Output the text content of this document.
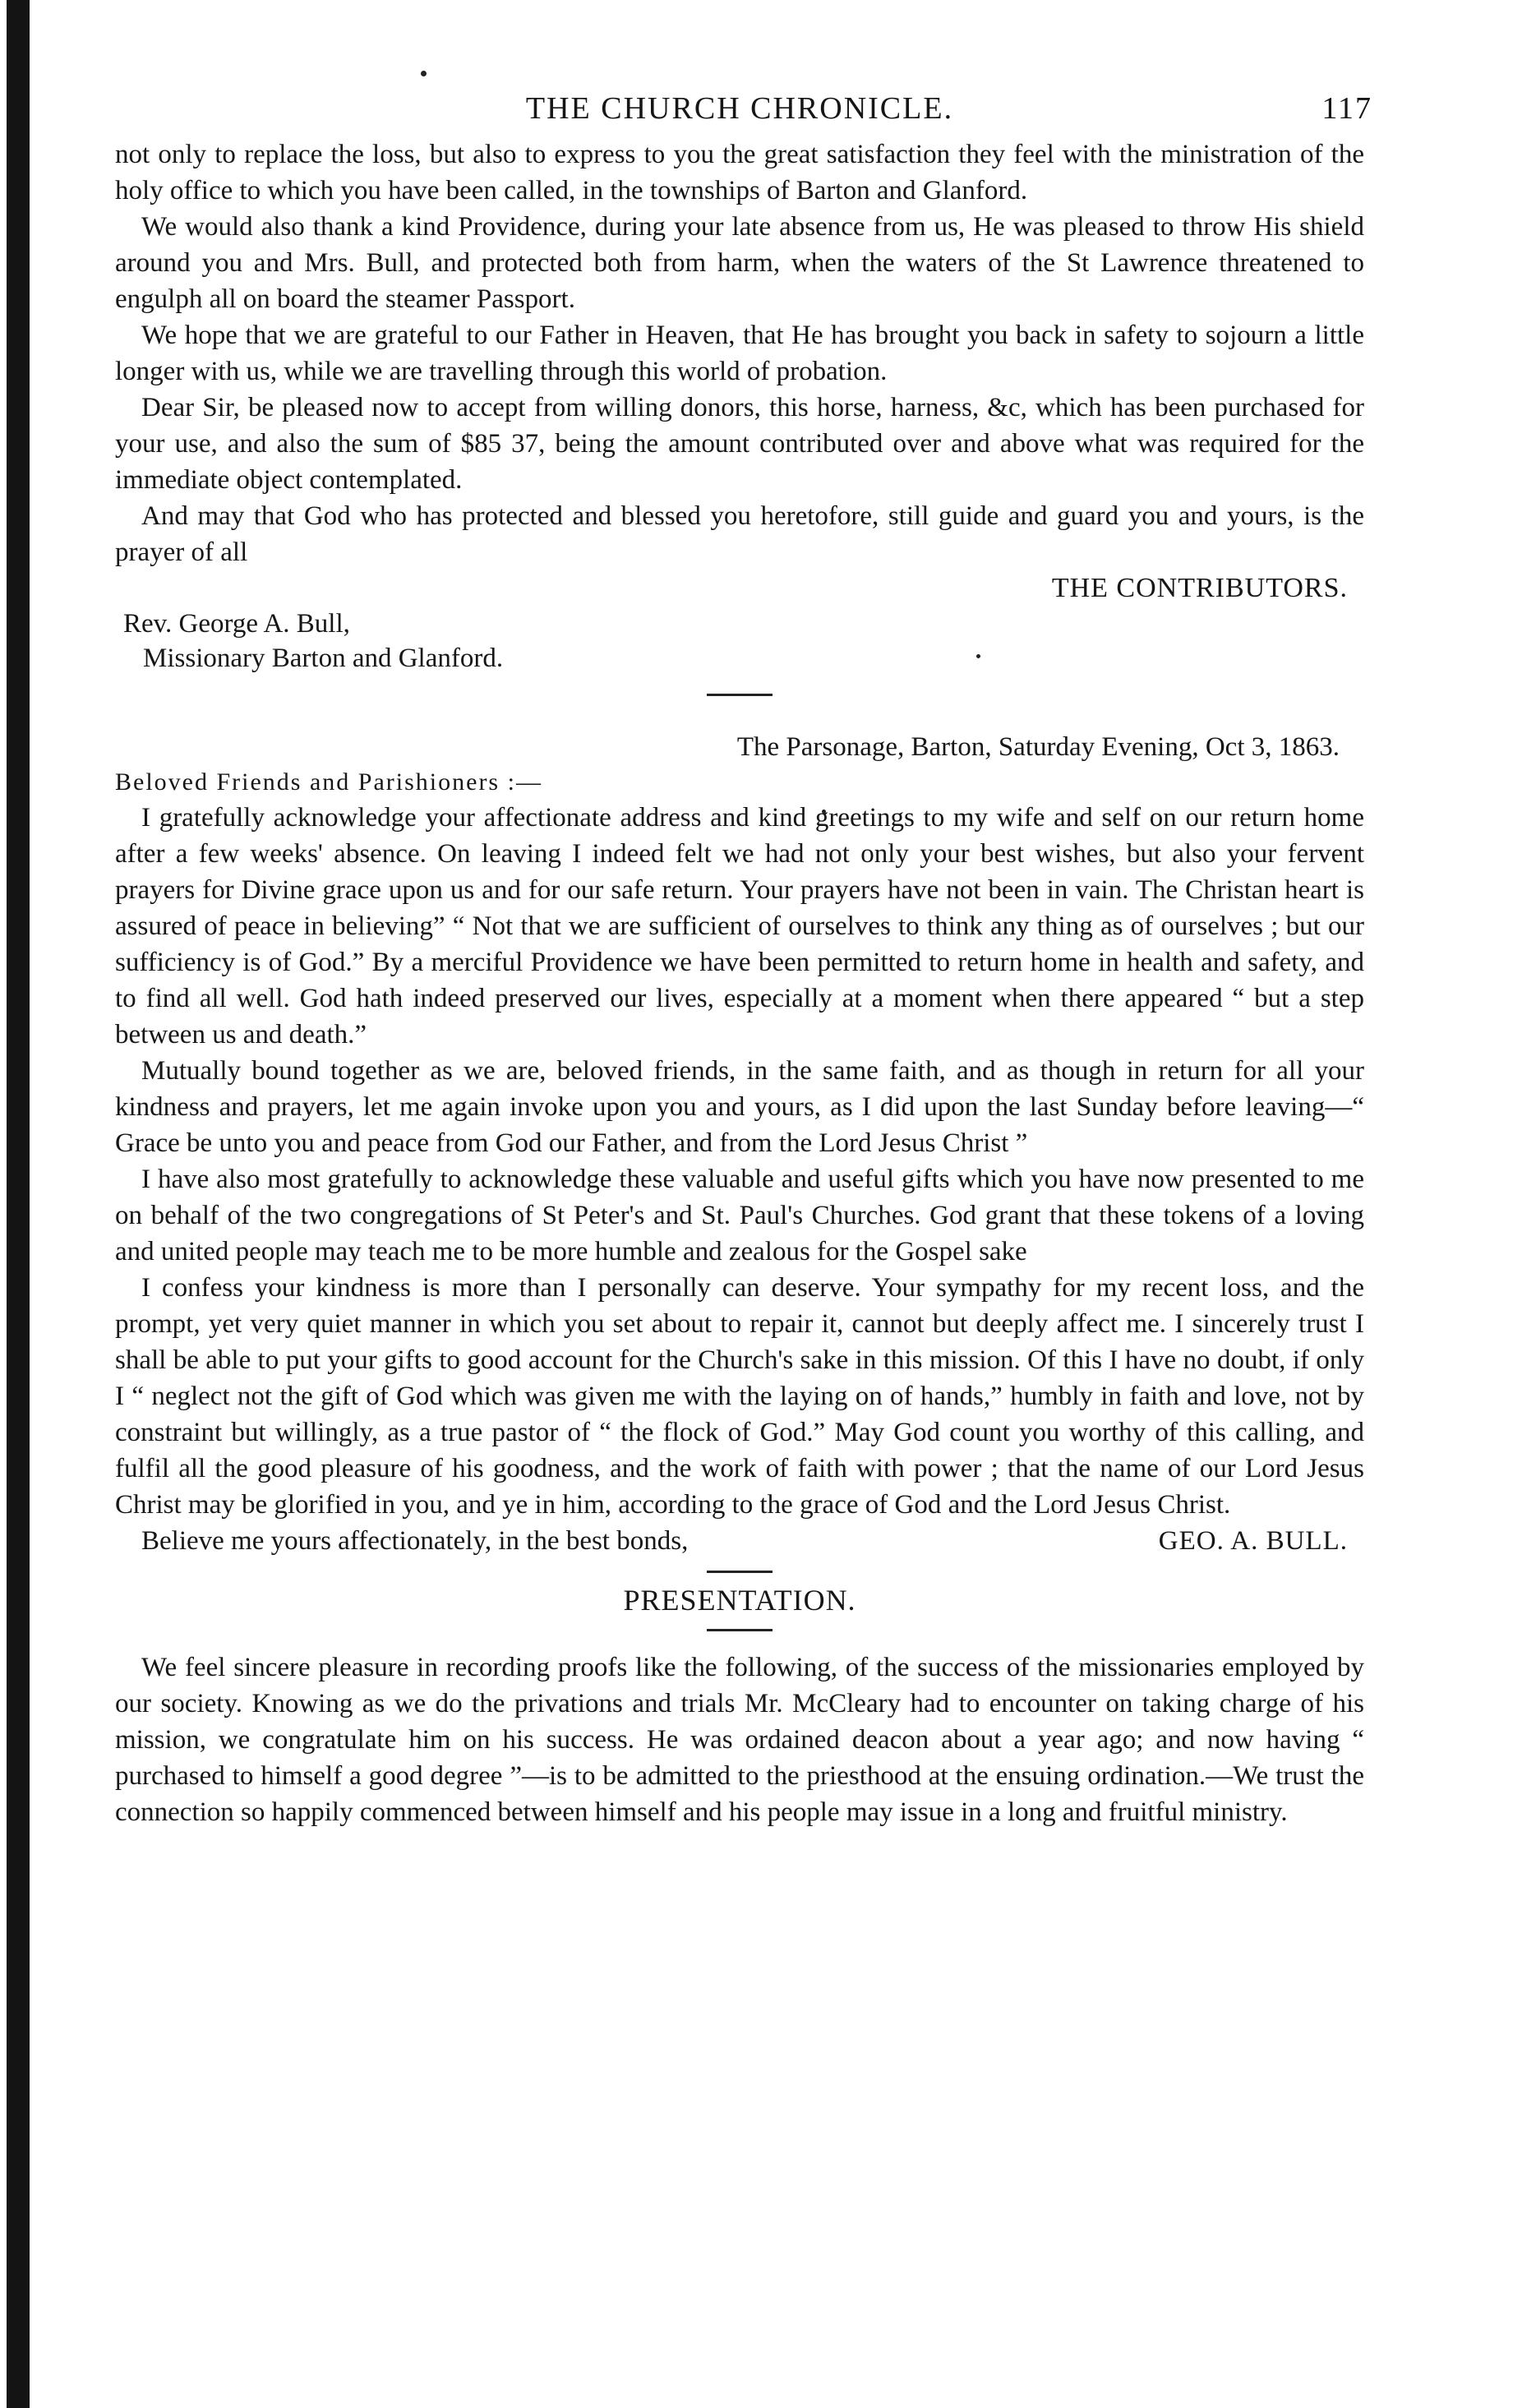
THE CHURCH CHRONICLE.	117

not only to replace the loss, but also to express to you the great satisfaction they feel with the ministration of the holy office to which you have been called, in the townships of Barton and Glanford.

We would also thank a kind Providence, during your late absence from us, He was pleased to throw His shield around you and Mrs. Bull, and protected both from harm, when the waters of the St Lawrence threatened to engulph all on board the steamer Passport.

We hope that we are grateful to our Father in Heaven, that He has brought you back in safety to sojourn a little longer with us, while we are travelling through this world of probation.

Dear Sir, be pleased now to accept from willing donors, this horse, harness, &c, which has been purchased for your use, and also the sum of $85 37, being the amount contributed over and above what was required for the immediate object contemplated.

And may that God who has protected and blessed you heretofore, still guide and guard you and yours, is the prayer of all

THE CONTRIBUTORS.
Rev. George A. Bull,
Missionary Barton and Glanford.
The Parsonage, Barton, Saturday Evening, Oct 3, 1863.
Beloved Friends and Parishioners :—

I gratefully acknowledge your affectionate address and kind greetings to my wife and self on our return home after a few weeks' absence. On leaving I indeed felt we had not only your best wishes, but also your fervent prayers for Divine grace upon us and for our safe return. Your prayers have not been in vain. The Christan heart is assured of peace in believing” “ Not that we are sufficient of ourselves to think any thing as of ourselves ; but our sufficiency is of God.” By a merciful Providence we have been permitted to return home in health and safety, and to find all well. God hath indeed preserved our lives, especially at a moment when there appeared “ but a step between us and death.”

Mutually bound together as we are, beloved friends, in the same faith, and as though in return for all your kindness and prayers, let me again invoke upon you and yours, as I did upon the last Sunday before leaving—“ Grace be unto you and peace from God our Father, and from the Lord Jesus Christ ”

I have also most gratefully to acknowledge these valuable and useful gifts which you have now presented to me on behalf of the two congregations of St Peter's and St. Paul's Churches. God grant that these tokens of a loving and united people may teach me to be more humble and zealous for the Gospel sake

I confess your kindness is more than I personally can deserve. Your sympathy for my recent loss, and the prompt, yet very quiet manner in which you set about to repair it, cannot but deeply affect me. I sincerely trust I shall be able to put your gifts to good account for the Church's sake in this mission. Of this I have no doubt, if only I “ neglect not the gift of God which was given me with the laying on of hands,” humbly in faith and love, not by constraint but willingly, as a true pastor of “ the flock of God.” May God count you worthy of this calling, and fulfil all the good pleasure of his goodness, and the work of faith with power ; that the name of our Lord Jesus Christ may be glorified in you, and ye in him, according to the grace of God and the Lord Jesus Christ.

Believe me yours affectionately, in the best bonds,	GEO. A. BULL.
PRESENTATION.

We feel sincere pleasure in recording proofs like the following, of the success of the missionaries employed by our society. Knowing as we do the privations and trials Mr. McCleary had to encounter on taking charge of his mission, we congratulate him on his success. He was ordained deacon about a year ago; and now having “ purchased to himself a good degree ”—is to be admitted to the priesthood at the ensuing ordination.—We trust the connection so happily commenced between himself and his people may issue in a long and fruitful ministry.
